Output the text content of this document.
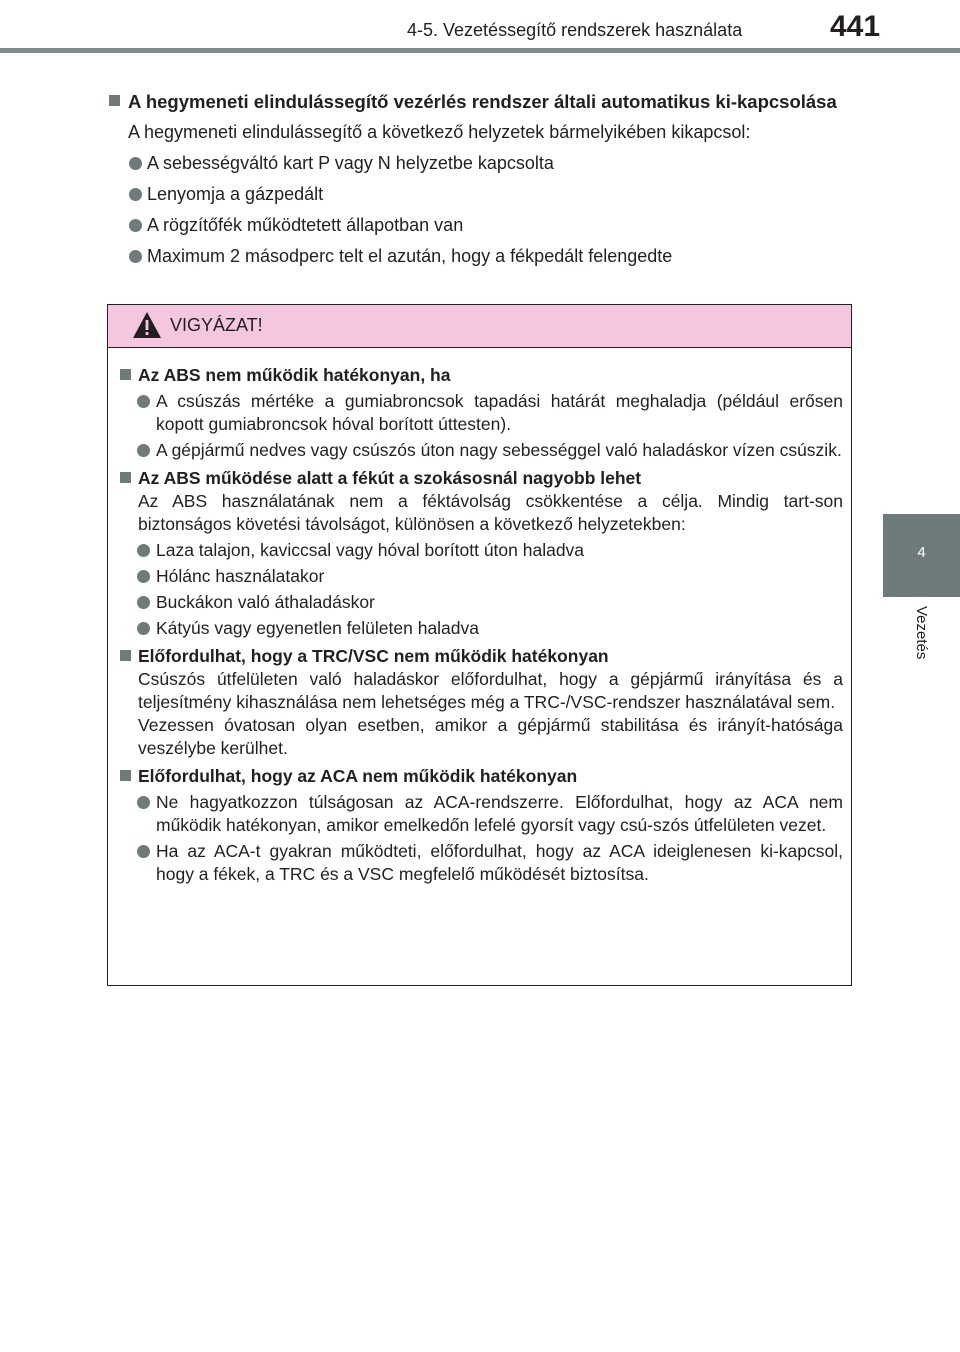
4-5. Vezetéssegítő rendszerek használata	441
4
Vezetés

A hegymeneti elindulássegítő vezérlés rendszer általi automatikus ki-kapcsolása

A hegymeneti elindulássegítő a következő helyzetek bármelyikében kikapcsol:

A sebességváltó kart P vagy N helyzetbe kapcsolta
Lenyomja a gázpedált
A rögzítőfék működtetett állapotban van
Maximum 2 másodperc telt el azután, hogy a fékpedált felengedte
VIGYÁZAT!
Az ABS nem működik hatékonyan, ha
A csúszás mértéke a gumiabroncsok tapadási határát meghaladja (például erősen kopott gumiabroncsok hóval borított úttesten).
A gépjármű nedves vagy csúszós úton nagy sebességgel való haladáskor vízen csúszik.
Az ABS működése alatt a fékút a szokásosnál nagyobb lehet
Az ABS használatának nem a féktávolság csökkentése a célja. Mindig tart-son biztonságos követési távolságot, különösen a következő helyzetekben:
Laza talajon, kaviccsal vagy hóval borított úton haladva
Hólánc használatakor
Buckákon való áthaladáskor
Kátyús vagy egyenetlen felületen haladva
Előfordulhat, hogy a TRC/VSC nem működik hatékonyan
Csúszós útfelületen való haladáskor előfordulhat, hogy a gépjármű irányítása és a teljesítmény kihasználása nem lehetséges még a TRC-/VSC-rendszer használatával sem.
Vezessen óvatosan olyan esetben, amikor a gépjármű stabilitása és irányít-hatósága veszélybe kerülhet.
Előfordulhat, hogy az ACA nem működik hatékonyan
Ne hagyatkozzon túlságosan az ACA-rendszerre. Előfordulhat, hogy az ACA nem működik hatékonyan, amikor emelkedőn lefelé gyorsít vagy csú-szós útfelületen vezet.
Ha az ACA-t gyakran működteti, előfordulhat, hogy az ACA ideiglenesen ki-kapcsol, hogy a fékek, a TRC és a VSC megfelelő működését biztosítsa.
